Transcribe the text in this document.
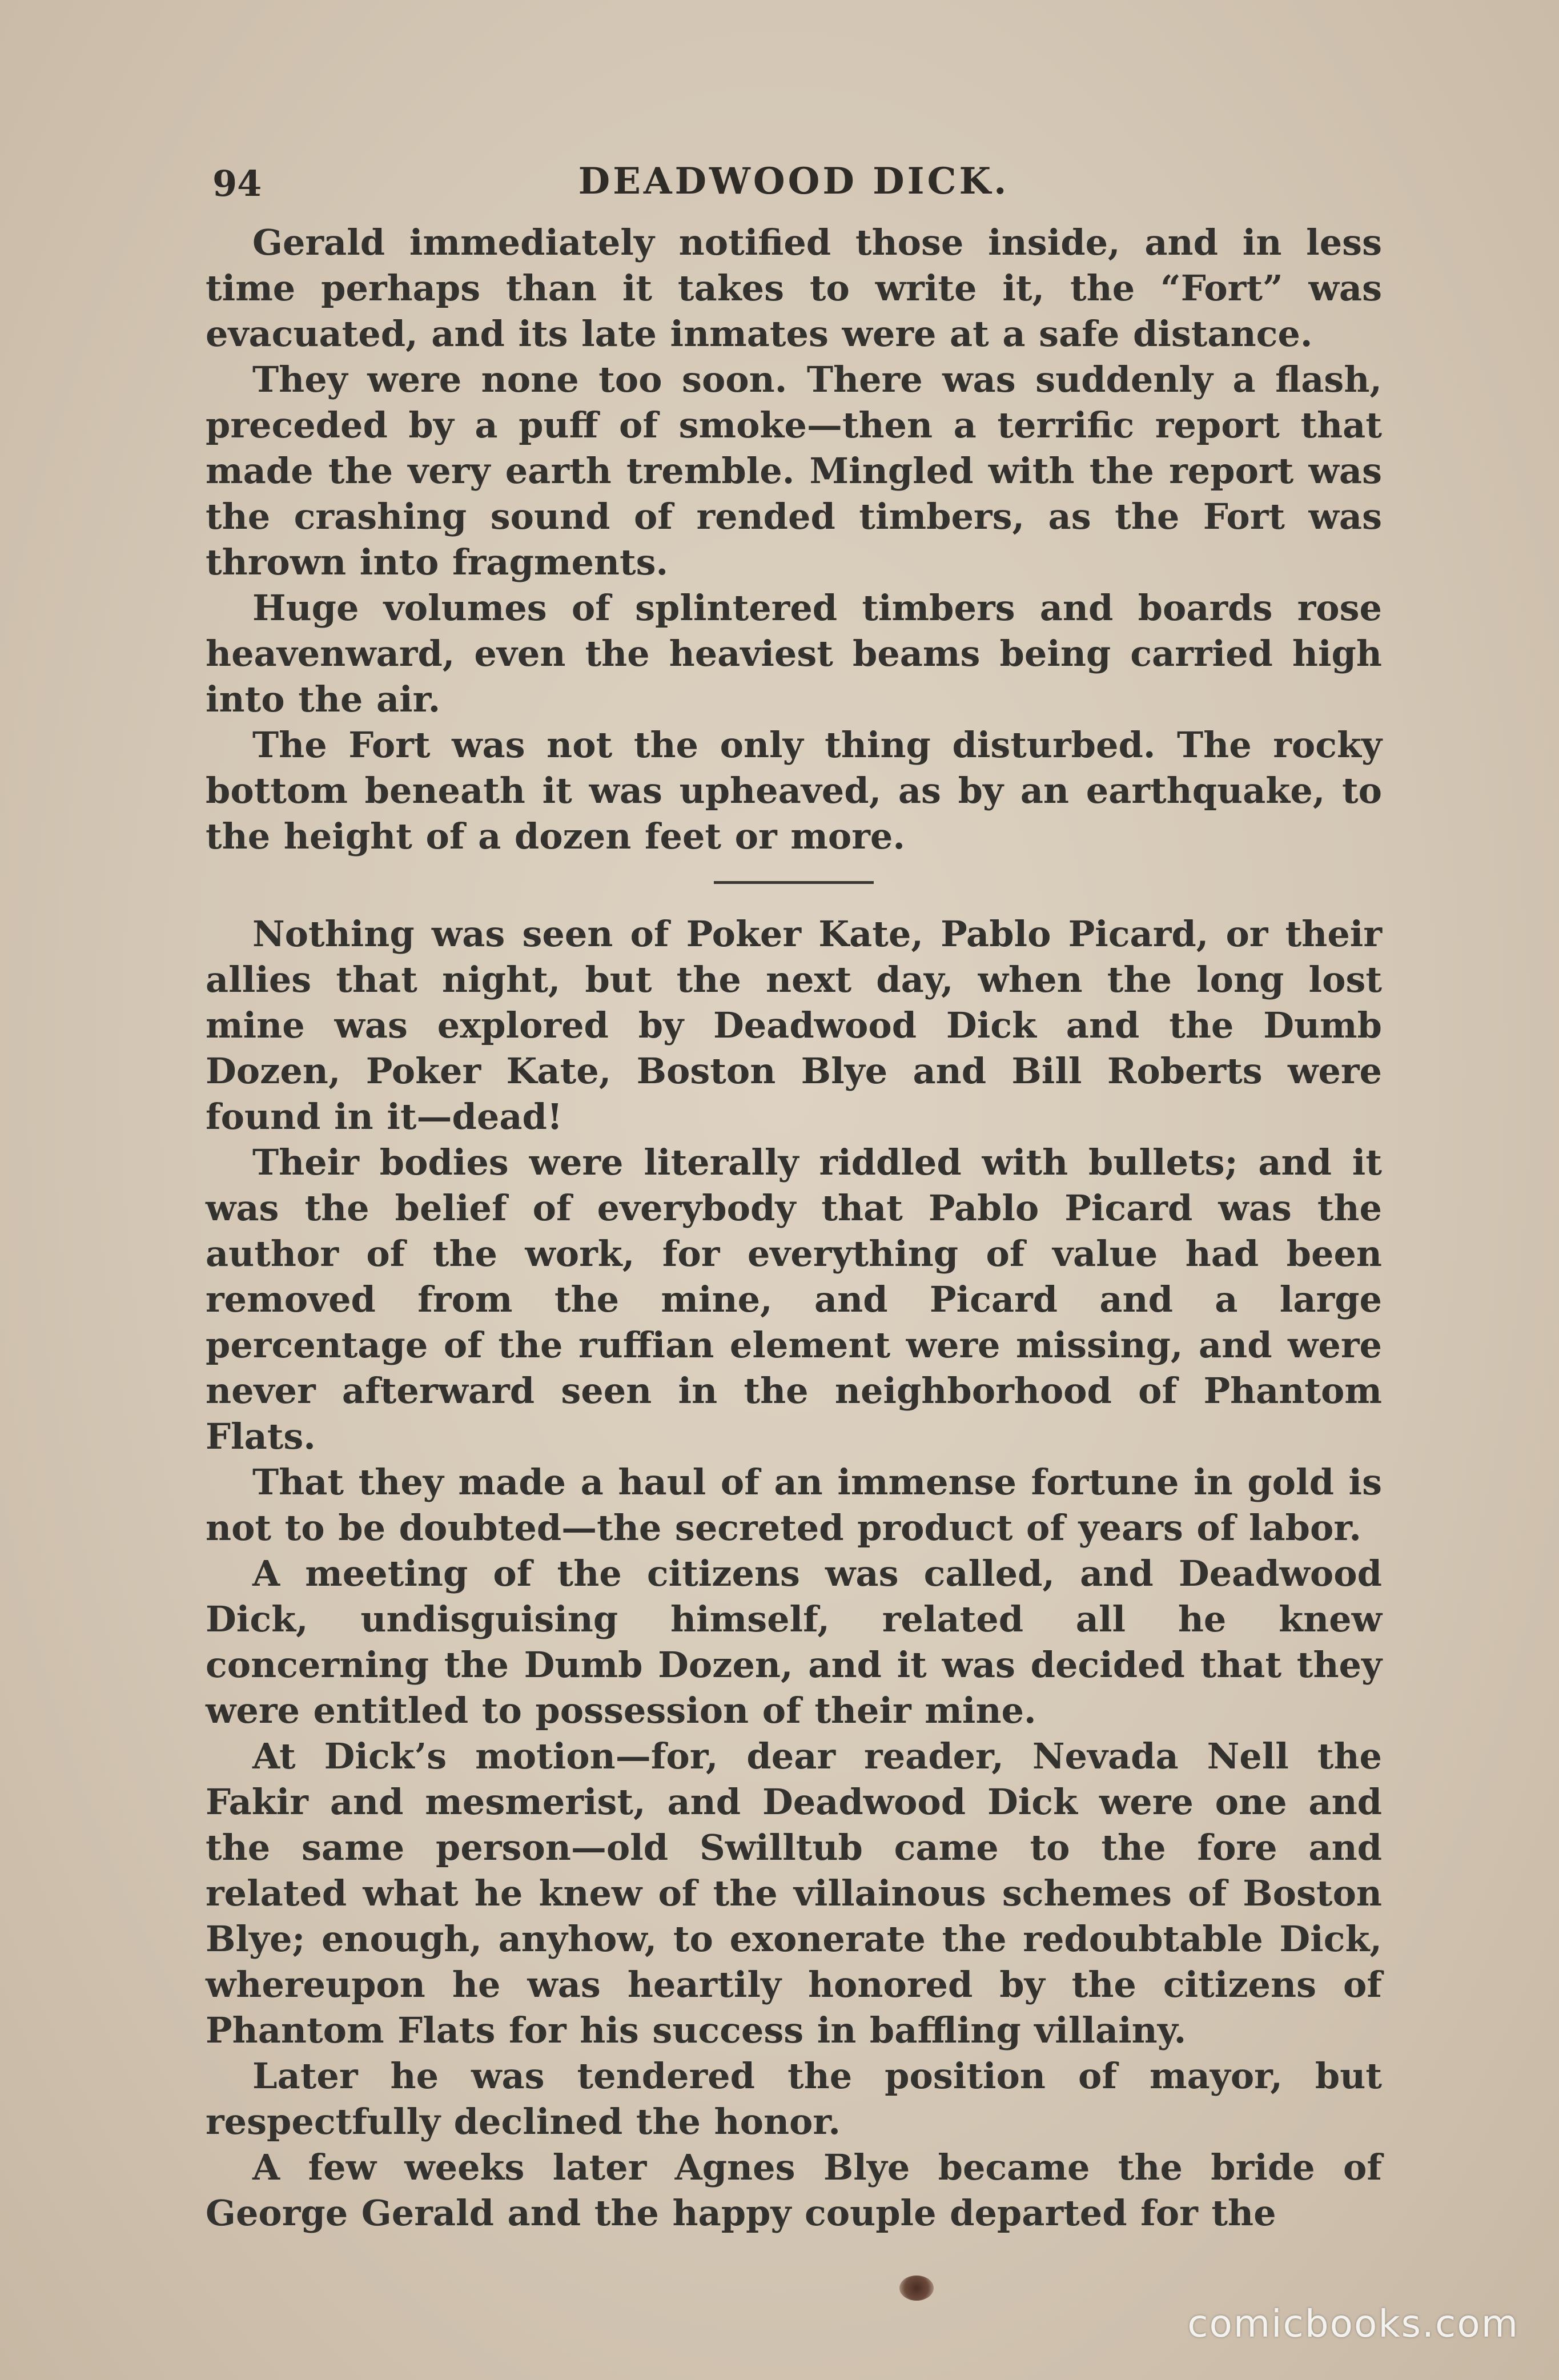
94	DEADWOOD DICK.

Gerald immediately notified those inside, and in less time perhaps than it takes to write it, the “Fort” was evacuated, and its late inmates were at a safe distance.

They were none too soon. There was suddenly a flash, preceded by a puff of smoke—then a terrific report that made the very earth tremble. Mingled with the report was the crashing sound of rended timbers, as the Fort was thrown into fragments.

Huge volumes of splintered timbers and boards rose heavenward, even the heaviest beams being carried high into the air.

The Fort was not the only thing disturbed. The rocky bottom beneath it was upheaved, as by an earthquake, to the height of a dozen feet or more.

Nothing was seen of Poker Kate, Pablo Picard, or their allies that night, but the next day, when the long lost mine was explored by Deadwood Dick and the Dumb Dozen, Poker Kate, Boston Blye and Bill Roberts were found in it—dead!

Their bodies were literally riddled with bullets; and it was the belief of everybody that Pablo Picard was the author of the work, for everything of value had been removed from the mine, and Picard and a large percentage of the ruffian element were missing, and were never afterward seen in the neighborhood of Phantom Flats.

That they made a haul of an immense fortune in gold is not to be doubted—the secreted product of years of labor.

A meeting of the citizens was called, and Deadwood Dick, undisguising himself, related all he knew concerning the Dumb Dozen, and it was decided that they were entitled to possession of their mine.

At Dick’s motion—for, dear reader, Nevada Nell the Fakir and mesmerist, and Deadwood Dick were one and the same person—old Swilltub came to the fore and related what he knew of the villainous schemes of Boston Blye; enough, anyhow, to exonerate the redoubtable Dick, whereupon he was heartily honored by the citizens of Phantom Flats for his success in baffling villainy.

Later he was tendered the position of mayor, but respectfully declined the honor.

A few weeks later Agnes Blye became the bride of George Gerald and the happy couple departed for the

comicbooks.com
